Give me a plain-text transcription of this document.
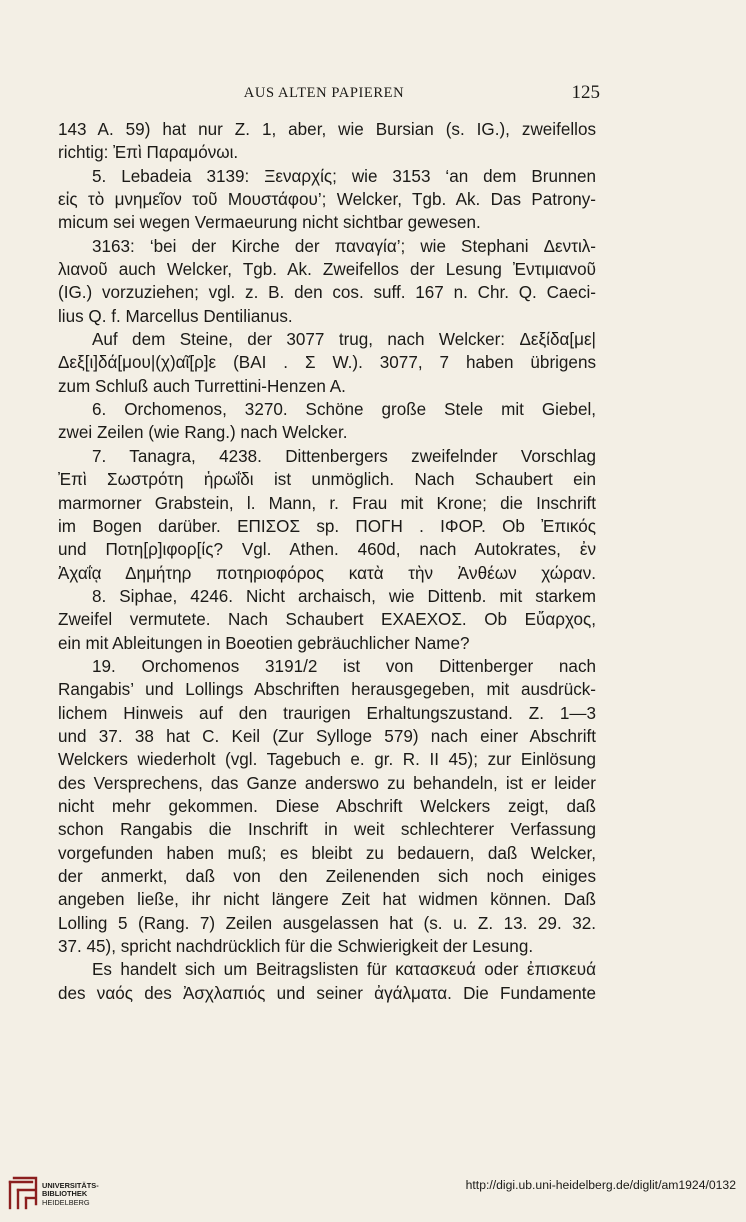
AUS ALTEN PAPIEREN	125
143 A. 59) hat nur Z. 1, aber, wie Bursian (s. IG.), zweifellos
richtig: Ἐπὶ Παραμόνωι.
5. Lebadeia 3139: Ξεναρχίς; wie 3153 ‘an dem Brunnen
εἰς τὸ μνημεῖον τοῦ Μουστάφου’; Welcker, Tgb. Ak. Das Patrony-
micum sei wegen Vermaeurung nicht sichtbar gewesen.
3163: ‘bei der Kirche der παναγία’; wie Stephani Δεντιλ-
λιανοῦ auch Welcker, Tgb. Ak. Zweifellos der Lesung Ἐντιμιανοῦ
(IG.) vorzuziehen; vgl. z. B. den cos. suff. 167 n. Chr. Q. Caeci-
lius Q. f. Marcellus Dentilianus.
Auf dem Steine, der 3077 trug, nach Welcker: Δεξίδα[με|
Δεξ[ι]δά[μου|(χ)αῖ[ρ]ε (BAI . Σ W.). 3077, 7 haben übrigens
zum Schluß auch Turrettini-Henzen A.
6. Orchomenos, 3270. Schöne große Stele mit Giebel,
zwei Zeilen (wie Rang.) nach Welcker.
7. Tanagra, 4238. Dittenbergers zweifelnder Vorschlag
Ἐπὶ Σωστρότη ἡρωΐδι ist unmöglich. Nach Schaubert ein
marmorner Grabstein, l. Mann, r. Frau mit Krone; die Inschrift
im Bogen darüber. ΕΠΙΣΟΣ sp. ΠΟΓΗ . ΙΦΟΡ. Ob Ἐπικός
und Ποτη[ρ]ιφορ[ίς? Vgl. Athen. 460d, nach Autokrates, ἐν
Ἀχαΐᾳ Δημήτηρ ποτηριοφόρος κατὰ τὴν Ἀνθέων χώραν.
8. Siphae, 4246. Nicht archaisch, wie Dittenb. mit starkem
Zweifel vermutete. Nach Schaubert ΕΧΑΕΧΟΣ. Ob Εὔαρχος,
ein mit Ableitungen in Boeotien gebräuchlicher Name?
19. Orchomenos 3191/2 ist von Dittenberger nach
Rangabis’ und Lollings Abschriften herausgegeben, mit ausdrück-
lichem Hinweis auf den traurigen Erhaltungszustand. Z. 1—3
und 37. 38 hat C. Keil (Zur Sylloge 579) nach einer Abschrift
Welckers wiederholt (vgl. Tagebuch e. gr. R. II 45); zur Einlösung
des Versprechens, das Ganze anderswo zu behandeln, ist er leider
nicht mehr gekommen. Diese Abschrift Welckers zeigt, daß
schon Rangabis die Inschrift in weit schlechterer Verfassung
vorgefunden haben muß; es bleibt zu bedauern, daß Welcker,
der anmerkt, daß von den Zeilenenden sich noch einiges
angeben ließe, ihr nicht längere Zeit hat widmen können. Daß
Lolling 5 (Rang. 7) Zeilen ausgelassen hat (s. u. Z. 13. 29. 32.
37. 45), spricht nachdrücklich für die Schwierigkeit der Lesung.
Es handelt sich um Beitragslisten für κατασκευά oder ἐπισκευά
des ναός des Ἀσχλαπιός und seiner ἀγάλματα. Die Fundamente
UNIVERSITÄTS-
BIBLIOTHEK
HEIDELBERG
http://digi.ub.uni-heidelberg.de/diglit/am1924/0132
